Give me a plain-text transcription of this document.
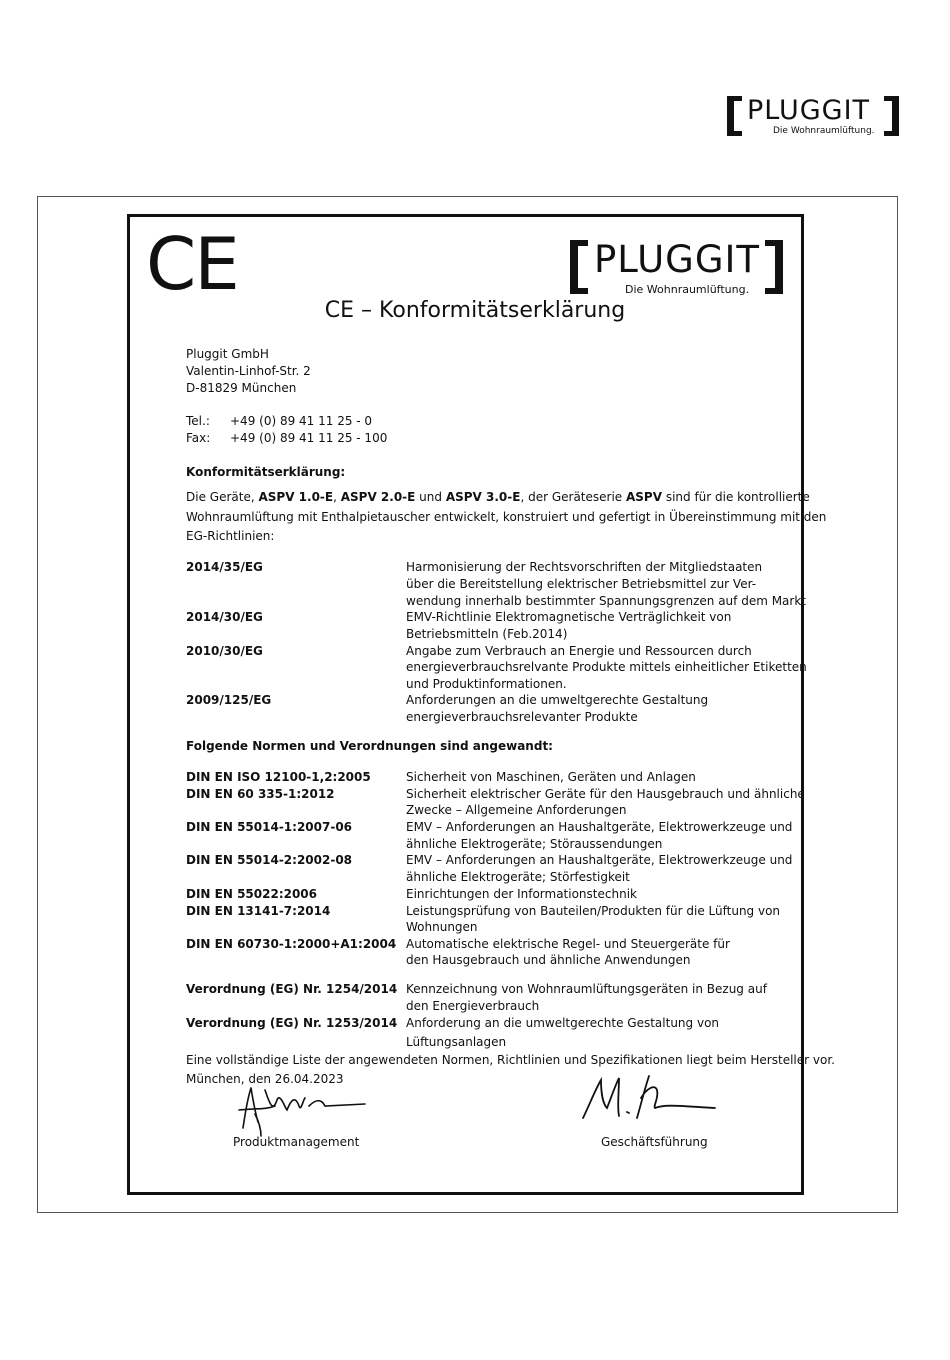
PLUGGIT
Die Wohnraumlüftung.
CE	PLUGGIT
Die Wohnraumlüftung.
CE – Konformitätserklärung
Pluggit GmbH
Valentin-Linhof-Str. 2
D-81829 München
Tel.: +49 (0) 89 41 11 25 - 0
Fax: +49 (0) 89 41 11 25 - 100
Konformitätserklärung:
Die Geräte, ASPV 1.0-E, ASPV 2.0-E und ASPV 3.0-E, der Geräteserie ASPV sind für die kontrollierte
Wohnraumlüftung mit Enthalpietauscher entwickelt, konstruiert und gefertigt in Übereinstimmung mit den
EG-Richtlinien:
2014/35/EG	Harmonisierung der Rechtsvorschriften der Mitgliedstaaten
über die Bereitstellung elektrischer Betriebsmittel zur Ver-
wendung innerhalb bestimmter Spannungsgrenzen auf dem Markt
2014/30/EG	EMV-Richtlinie Elektromagnetische Verträglichkeit von
Betriebsmitteln (Feb.2014)
2010/30/EG	Angabe zum Verbrauch an Energie und Ressourcen durch
energieverbrauchsrelvante Produkte mittels einheitlicher Etiketten
und Produktinformationen.
2009/125/EG	Anforderungen an die umweltgerechte Gestaltung
energieverbrauchsrelevanter Produkte
Folgende Normen und Verordnungen sind angewandt:
DIN EN ISO 12100-1,2:2005	Sicherheit von Maschinen, Geräten und Anlagen
DIN EN 60 335-1:2012	Sicherheit elektrischer Geräte für den Hausgebrauch und ähnliche
Zwecke – Allgemeine Anforderungen
DIN EN 55014-1:2007-06	EMV – Anforderungen an Haushaltgeräte, Elektrowerkzeuge und
ähnliche Elektrogeräte; Störaussendungen
DIN EN 55014-2:2002-08	EMV – Anforderungen an Haushaltgeräte, Elektrowerkzeuge und
ähnliche Elektrogeräte; Störfestigkeit
DIN EN 55022:2006	Einrichtungen der Informationstechnik
DIN EN 13141-7:2014	Leistungsprüfung von Bauteilen/Produkten für die Lüftung von
Wohnungen
DIN EN 60730-1:2000+A1:2004 Automatische elektrische Regel- und Steuergeräte für
den Hausgebrauch und ähnliche Anwendungen
Verordnung (EG) Nr. 1254/2014 Kennzeichnung von Wohnraumlüftungsgeräten in Bezug auf
den Energieverbrauch
Verordnung (EG) Nr. 1253/2014 Anforderung an die umweltgerechte Gestaltung von
Lüftungsanlagen
Eine vollständige Liste der angewendeten Normen, Richtlinien und Spezifikationen liegt beim Hersteller vor.
München, den 26.04.2023
Produktmanagement	Geschäftsführung
